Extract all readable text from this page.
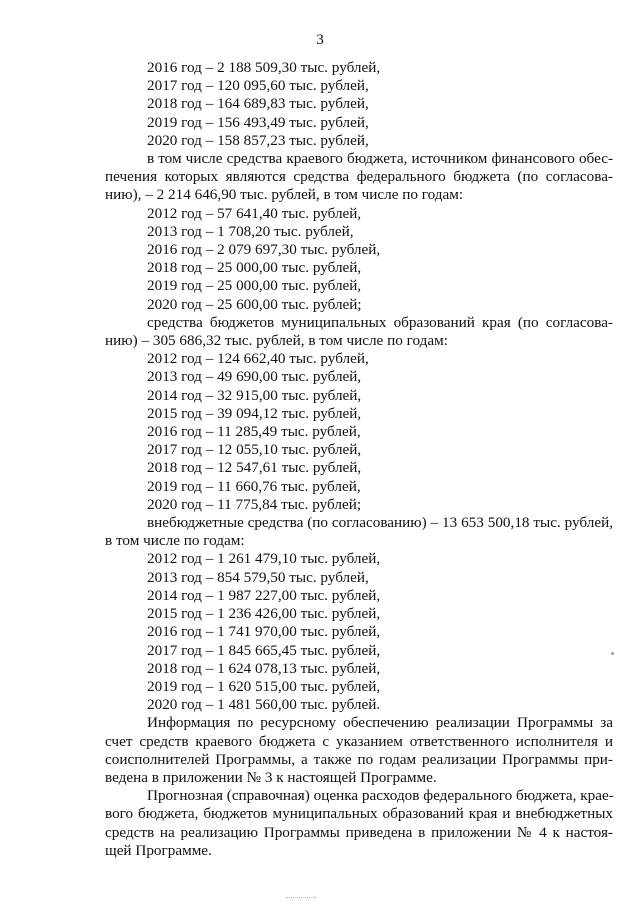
3
2016 год – 2 188 509,30 тыс. рублей,
2017 год – 120 095,60 тыс. рублей,
2018 год – 164 689,83 тыс. рублей,
2019 год – 156 493,49 тыс. рублей,
2020 год – 158 857,23 тыс. рублей,
в том числе средства краевого бюджета, источником финансового обес-
печения которых являются средства федерального бюджета (по согласова-
нию), – 2 214 646,90 тыс. рублей, в том числе по годам:
2012 год – 57 641,40 тыс. рублей,
2013 год – 1 708,20 тыс. рублей,
2016 год – 2 079 697,30 тыс. рублей,
2018 год – 25 000,00 тыс. рублей,
2019 год – 25 000,00 тыс. рублей,
2020 год – 25 600,00 тыс. рублей;
средства бюджетов муниципальных образований края (по согласова-
нию) – 305 686,32 тыс. рублей, в том числе по годам:
2012 год – 124 662,40 тыс. рублей,
2013 год – 49 690,00 тыс. рублей,
2014 год – 32 915,00 тыс. рублей,
2015 год – 39 094,12 тыс. рублей,
2016 год – 11 285,49 тыс. рублей,
2017 год – 12 055,10 тыс. рублей,
2018 год – 12 547,61 тыс. рублей,
2019 год – 11 660,76 тыс. рублей,
2020 год – 11 775,84 тыс. рублей;
внебюджетные средства (по согласованию) – 13 653 500,18 тыс. рублей,
в том числе по годам:
2012 год – 1 261 479,10 тыс. рублей,
2013 год – 854 579,50 тыс. рублей,
2014 год – 1 987 227,00 тыс. рублей,
2015 год – 1 236 426,00 тыс. рублей,
2016 год – 1 741 970,00 тыс. рублей,
2017 год – 1 845 665,45 тыс. рублей,
2018 год – 1 624 078,13 тыс. рублей,
2019 год – 1 620 515,00 тыс. рублей,
2020 год – 1 481 560,00 тыс. рублей.
Информация по ресурсному обеспечению реализации Программы за
счет средств краевого бюджета с указанием ответственного исполнителя и
соисполнителей Программы, а также по годам реализации Программы при-
ведена в приложении № 3 к настоящей Программе.
Прогнозная (справочная) оценка расходов федерального бюджета, крае-
вого бюджета, бюджетов муниципальных образований края и внебюджетных
средств на реализацию Программы приведена в приложении № 4 к настоя-
щей Программе.
